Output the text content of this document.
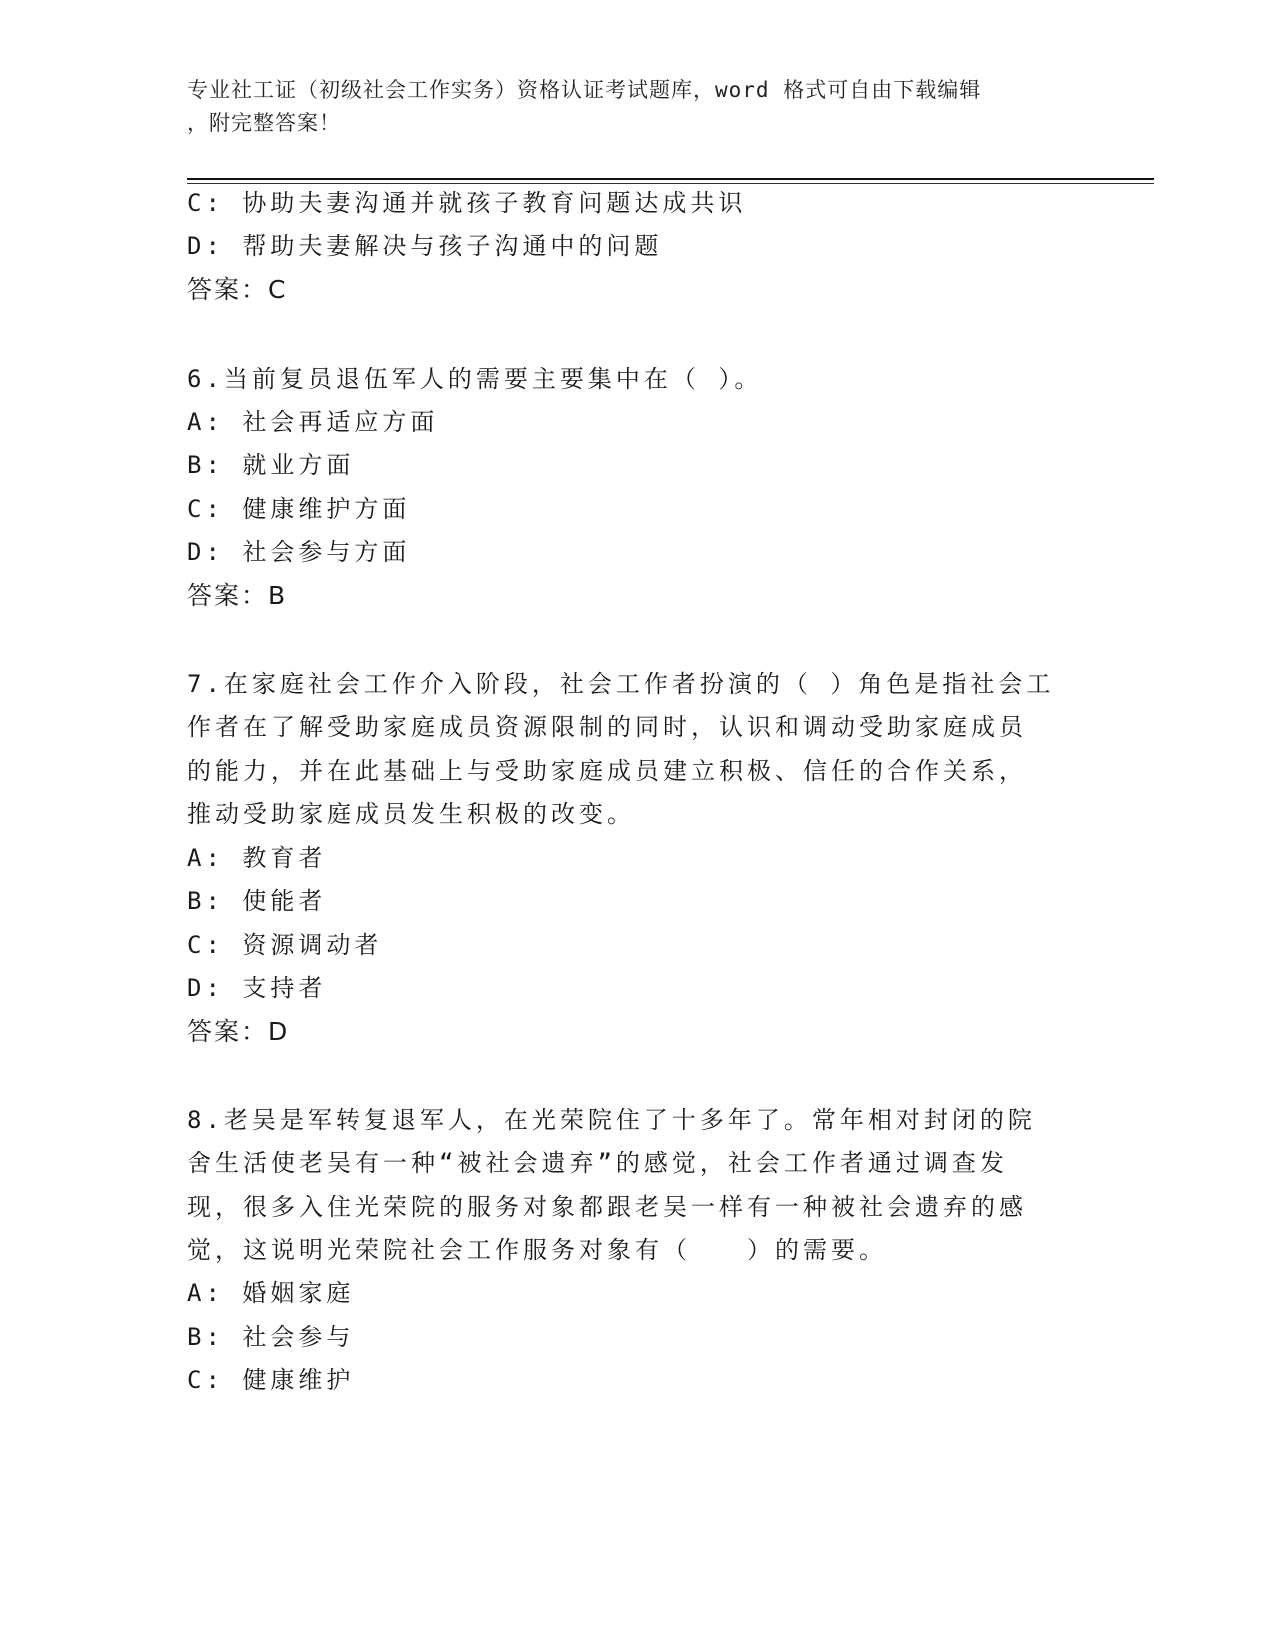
专业社工证（初级社会工作实务）资格认证考试题库，word 格式可自由下载编辑
，附完整答案！
C: 协助夫妻沟通并就孩子教育问题达成共识
D: 帮助夫妻解决与孩子沟通中的问题
答案：C
6.当前复员退伍军人的需要主要集中在（ ）。
A: 社会再适应方面
B: 就业方面
C: 健康维护方面
D: 社会参与方面
答案：B
7.在家庭社会工作介入阶段，社会工作者扮演的（ ）角色是指社会工
作者在了解受助家庭成员资源限制的同时，认识和调动受助家庭成员
的能力，并在此基础上与受助家庭成员建立积极、信任的合作关系，
推动受助家庭成员发生积极的改变。
A: 教育者
B: 使能者
C: 资源调动者
D: 支持者
答案：D
8.老吴是军转复退军人，在光荣院住了十多年了。常年相对封闭的院
舍生活使老吴有一种“被社会遗弃”的感觉，社会工作者通过调查发
现，很多入住光荣院的服务对象都跟老吴一样有一种被社会遗弃的感
觉，这说明光荣院社会工作服务对象有（　　）的需要。
A: 婚姻家庭
B: 社会参与
C: 健康维护
